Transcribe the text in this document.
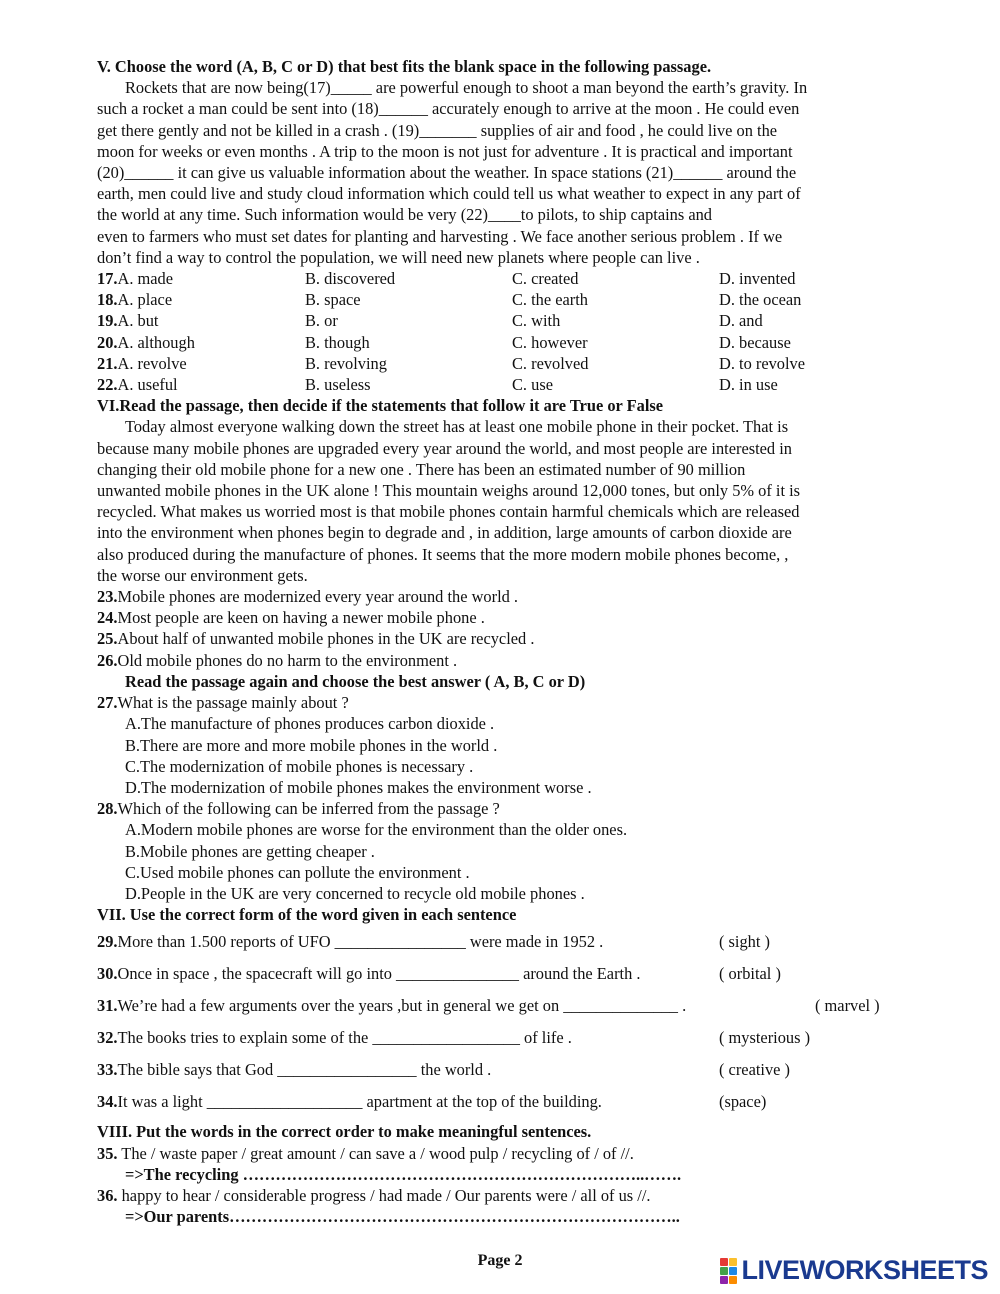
V. Choose the word (A, B, C or D) that best fits the blank space in the following passage.

Rockets that are now being(17)_____ are powerful enough to shoot a man beyond the earth’s gravity. In

such a rocket a man could be sent into (18)______ accurately enough to arrive at the moon . He could even

get there gently and not be killed in a crash . (19)_______ supplies of air and food , he could live on the

moon for weeks or even months . A trip to the moon is not just for adventure . It is practical and important

(20)______ it can give us valuable information about the weather. In space stations (21)______ around the

earth, men could live and study cloud information which could tell us what weather to expect in any part of

the world at any time. Such information would be very (22)____to pilots, to ship captains and

even to farmers who must set dates for planting and harvesting . We face another serious problem . If we

don’t find a way to control the population, we will need new planets where people can live .

17.A. made	B. discovered	C. created	D. invented
18.A. place	B. space	C. the earth	D. the ocean
19.A. but	B. or	C. with	D. and
20.A. although	B. though	C. however	D. because
21.A. revolve	B. revolving	C. revolved	D. to revolve
22.A. useful	B. useless	C. use	D. in use
VI.Read the passage, then decide if the statements that follow it are True or False

Today almost everyone walking down the street has at least one mobile phone in their pocket. That is

because many mobile phones are upgraded every year around the world, and most people are interested in

changing their old mobile phone for a new one . There has been an estimated number of 90 million

unwanted mobile phones in the UK alone ! This mountain weighs around 12,000 tones, but only 5% of it is

recycled. What makes us worried most is that mobile phones contain harmful chemicals which are released

into the environment when phones begin to degrade and , in addition, large amounts of carbon dioxide are

also produced during the manufacture of phones. It seems that the more modern mobile phones become, ,

the worse our environment gets.

23.Mobile phones are modernized every year around the world .
24.Most people are keen on having a newer mobile phone .
25.About half of unwanted mobile phones in the UK are recycled .
26.Old mobile phones do no harm to the environment .
Read the passage again and choose the best answer ( A, B, C or D)
27.What is the passage mainly about ?
A.The manufacture of phones produces carbon dioxide .
B.There are more and more mobile phones in the world .
C.The modernization of mobile phones is necessary .
D.The modernization of mobile phones makes the environment worse .
28.Which of the following can be inferred from the passage ?
A.Modern mobile phones are worse for the environment than the older ones.
B.Mobile phones are getting cheaper .
C.Used mobile phones can pollute the environment .
D.People in the UK are very concerned to recycle old mobile phones .
VII. Use the correct form of the word given in each sentence
29.More than 1.500 reports of UFO ________________ were made in 1952 .	( sight )
30.Once in space , the spacecraft will go into _______________ around the Earth .	( orbital )
31.We’re had a few arguments over the years ,but in general we get on ______________ .	( marvel )
32.The books tries to explain some of the __________________ of life .	( mysterious )
33.The bible says that God _________________ the world .	( creative )
34.It was a light ___________________ apartment at the top of the building.	(space)
VIII. Put the words in the correct order to make meaningful sentences.
35. The / waste paper / great amount / can save a / wood pulp / recycling of / of //.
=>The recycling ………………………………………………………………..…….
36. happy to hear / considerable progress / had made / Our parents were / all of us //.
=>Our parents………………………………………………………………………..
Page 2	LIVEWORKSHEETS
